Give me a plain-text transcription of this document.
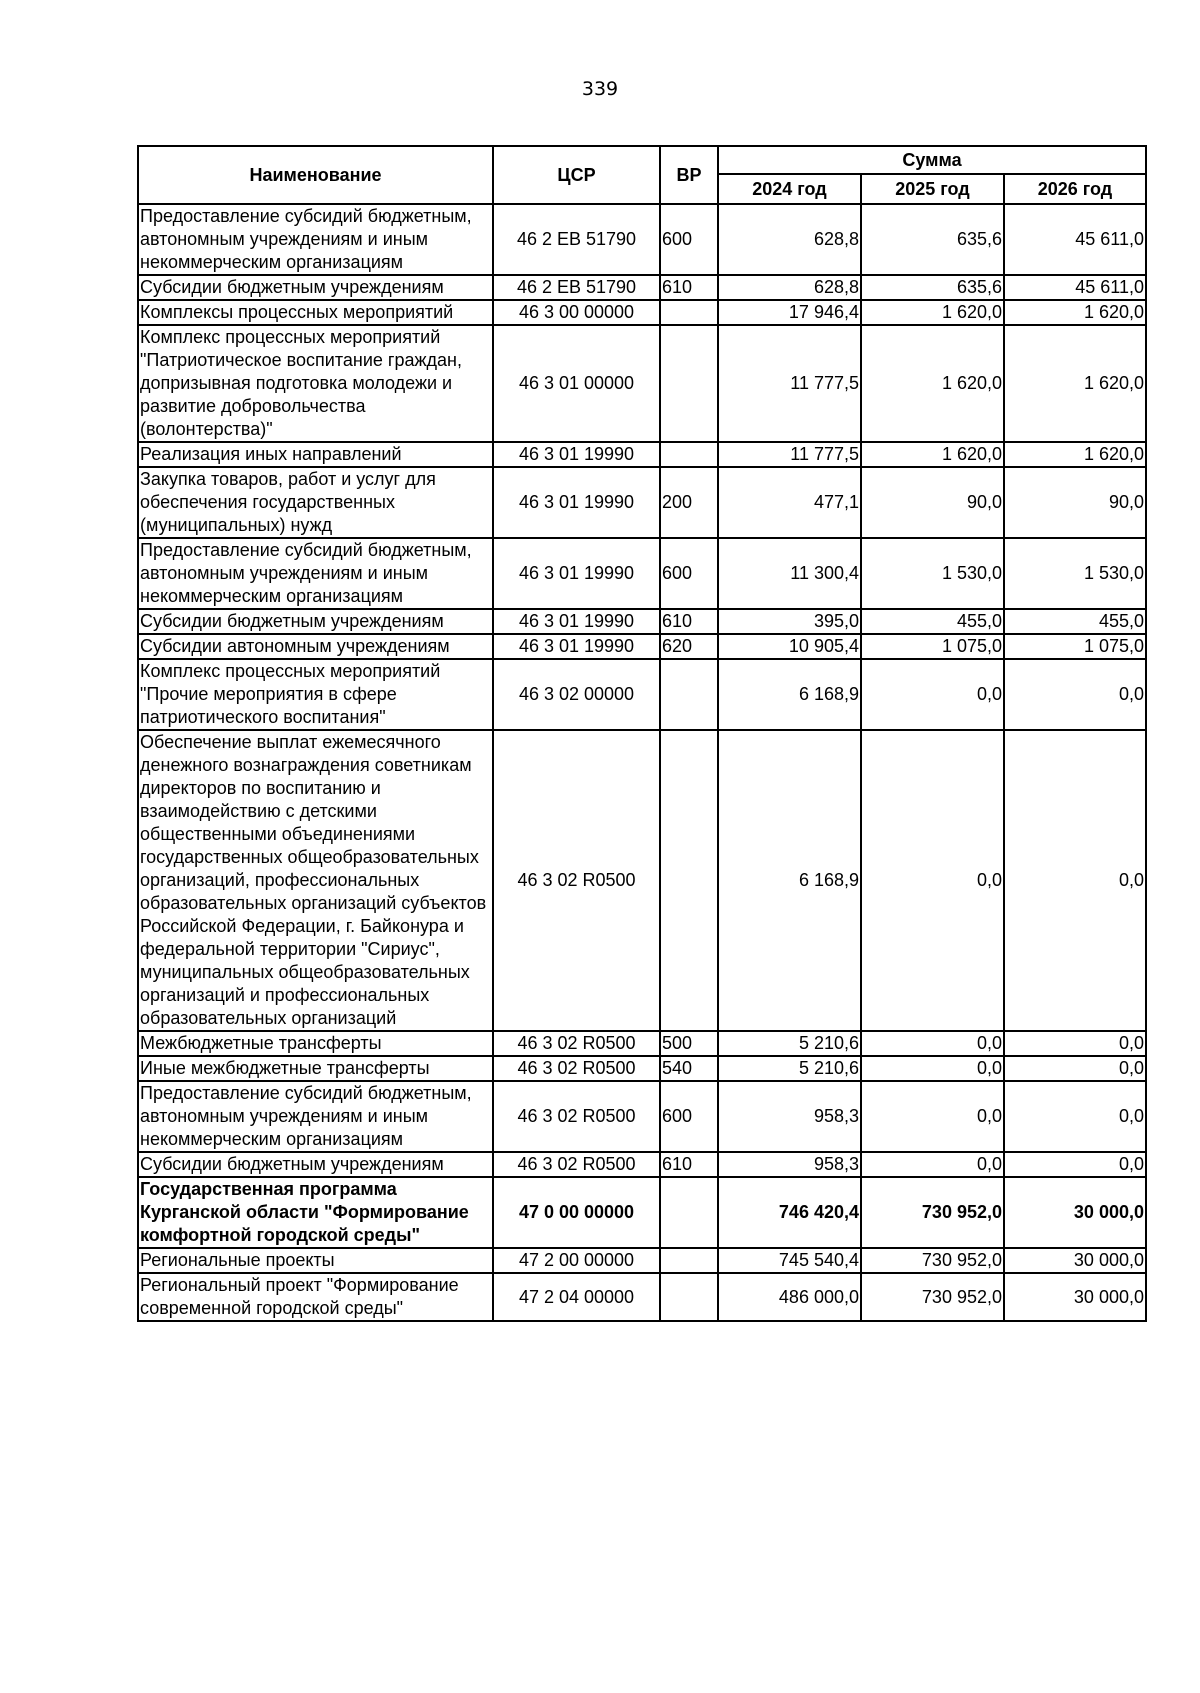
339
Наименование	ЦСР	ВР	Сумма		
			2024 год	2025 год	2026 год
Предоставление субсидий бюджетным, автономным учреждениям и иным некоммерческим организациям	46 2 ЕВ 51790	600	628,8	635,6	45 611,0
Субсидии бюджетным учреждениям	46 2 ЕВ 51790	610	628,8	635,6	45 611,0
Комплексы процессных мероприятий	46 3 00 00000		17 946,4	1 620,0	1 620,0
Комплекс процессных мероприятий "Патриотическое воспитание граждан, допризывная подготовка молодежи и развитие добровольчества (волонтерства)"	46 3 01 00000		11 777,5	1 620,0	1 620,0
Реализация иных направлений	46 3 01 19990		11 777,5	1 620,0	1 620,0
Закупка товаров, работ и услуг для обеспечения государственных (муниципальных) нужд	46 3 01 19990	200	477,1	90,0	90,0
Предоставление субсидий бюджетным, автономным учреждениям и иным некоммерческим организациям	46 3 01 19990	600	11 300,4	1 530,0	1 530,0
Субсидии бюджетным учреждениям	46 3 01 19990	610	395,0	455,0	455,0
Субсидии автономным учреждениям	46 3 01 19990	620	10 905,4	1 075,0	1 075,0
Комплекс процессных мероприятий "Прочие мероприятия в сфере патриотического воспитания"	46 3 02 00000		6 168,9	0,0	0,0
Обеспечение выплат ежемесячного денежного вознаграждения советникам директоров по воспитанию и взаимодействию с детскими общественными объединениями государственных общеобразовательных организаций, профессиональных образовательных организаций субъектов Российской Федерации, г. Байконура и федеральной территории "Сириус", муниципальных общеобразовательных организаций и профессиональных образовательных организаций	46 3 02 R0500		6 168,9	0,0	0,0
Межбюджетные трансферты	46 3 02 R0500	500	5 210,6	0,0	0,0
Иные межбюджетные трансферты	46 3 02 R0500	540	5 210,6	0,0	0,0
Предоставление субсидий бюджетным, автономным учреждениям и иным некоммерческим организациям	46 3 02 R0500	600	958,3	0,0	0,0
Субсидии бюджетным учреждениям	46 3 02 R0500	610	958,3	0,0	0,0
Государственная программа Курганской области "Формирование комфортной городской среды"	47 0 00 00000		746 420,4	730 952,0	30 000,0
Региональные проекты	47 2 00 00000		745 540,4	730 952,0	30 000,0
Региональный проект "Формирование современной городской среды"	47 2 04 00000		486 000,0	730 952,0	30 000,0
